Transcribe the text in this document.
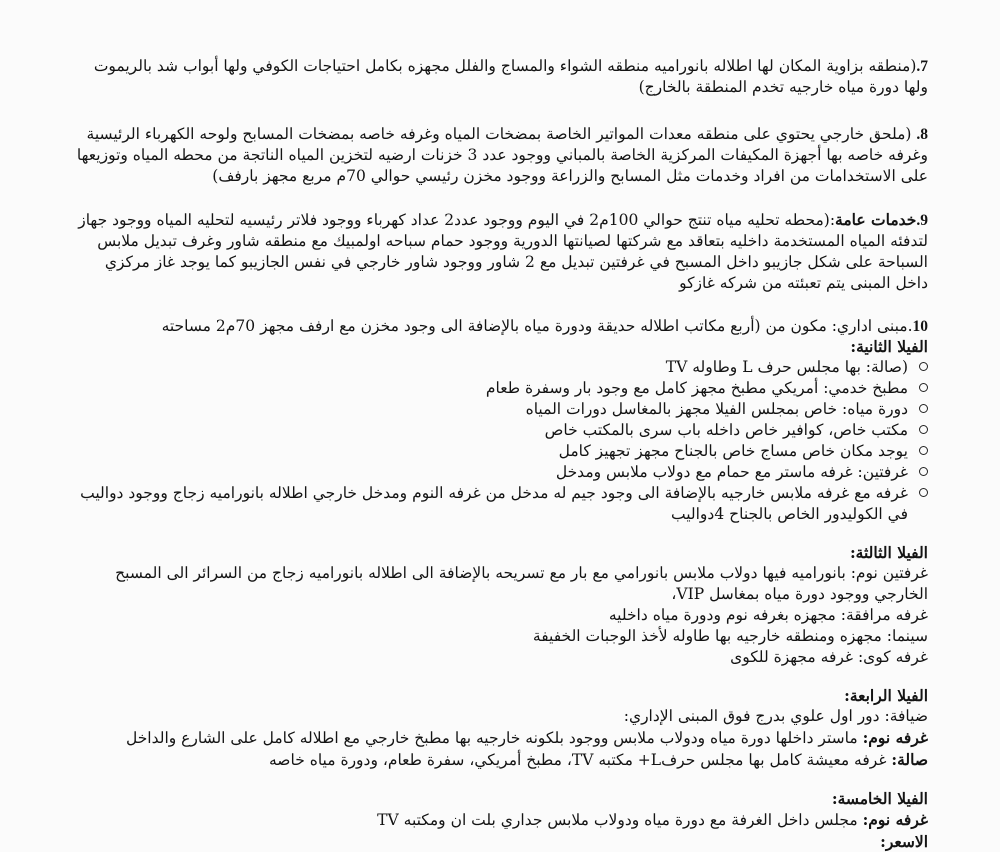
7.(منطقه بزاوية المكان لها اطلاله بانوراميه منطقه الشواء والمساج والفلل مجهزه بكامل احتياجات الكوفي ولها أبواب شد بالريموت ولها دورة مياه خارجيه تخدم المنطقة بالخارج)

8. (ملحق خارجي يحتوي على منطقه معدات المواتير الخاصة بمضخات المياه وغرفه خاصه بمضخات المسابح ولوحه الكهرباء الرئيسية وغرفه خاصه بها أجهزة المكيفات المركزية الخاصة بالمباني ووجود عدد 3 خزنات ارضيه لتخزين المياه الناتجة من محطه المياه وتوزيعها على الاستخدامات من افراد وخدمات مثل المسابح والزراعة ووجود مخزن رئيسي حوالي 70م مربع مجهز بارفف)

9.خدمات عامة:(محطه تحليه مياه تنتج حوالي 100م2 في اليوم ووجود عدد2 عداد كهرباء ووجود فلاتر رئيسيه لتحليه المياه ووجود جهاز لتدفئه المياه المستخدمة داخليه بتعاقد مع شركتها لصيانتها الدورية ووجود حمام سباحه اولمبيك مع منطقه شاور وغرف تبديل ملابس السباحة على شكل جازيبو داخل المسبح في غرفتين تبديل مع 2 شاور ووجود شاور خارجي في نفس الجازيبو كما يوجد غاز مركزي داخل المبنى يتم تعبئته من شركه غازكو

10.مبنى اداري: مكون من (أربع مكاتب اطلاله حديقة ودورة مياه بالإضافة الى وجود مخزن مع ارفف مجهز 70م2 مساحته

الفيلا الثانية:
(صالة: بها مجلس حرف L وطاوله TV
مطبخ خدمي: أمريكي مطبخ مجهز كامل مع وجود بار وسفرة طعام
دورة مياه: خاص بمجلس الفيلا مجهز بالمغاسل دورات المياه
مكتب خاص، كوافير خاص داخله باب سرى بالمكتب خاص
يوجد مكان خاص مساج خاص بالجناح مجهز تجهيز كامل
غرفتين: غرفه ماستر مع حمام مع دولاب ملابس ومدخل
غرفه مع غرفه ملابس خارجيه بالإضافة الى وجود جيم له مدخل من غرفه النوم ومدخل خارجي اطلاله بانوراميه زجاج ووجود دواليب في الكوليدور الخاص بالجناح 4دواليب
الفيلا الثالثة:
غرفتين نوم: بانوراميه فيها دولاب ملابس بانورامي مع بار مع تسريحه بالإضافة الى اطلاله بانوراميه زجاج من السرائر الى المسبح الخارجي ووجود دورة مياه بمغاسل VIP،
غرفه مرافقة: مجهزه بغرفه نوم ودورة مياه داخليه
سينما: مجهزه ومنطقه خارجيه بها طاوله لأخذ الوجبات الخفيفة
غرفه كوى: غرفه مجهزة للكوى
الفيلا الرابعة:
ضيافة: دور اول علوي بدرج فوق المبنى الإداري:
غرفه نوم: ماستر داخلها دورة مياه ودولاب ملابس ووجود بلكونه خارجيه بها مطبخ خارجي مع اطلاله كامل على الشارع والداخل
صالة: غرفه معيشة كامل بها مجلس حرفL+ مكتبه TV، مطبخ أمريكي، سفرة طعام، ودورة مياه خاصه
الفيلا الخامسة:
غرفه نوم: مجلس داخل الغرفة مع دورة مياه ودولاب ملابس جداري بلت ان ومكتبه TV
الاسعر:
